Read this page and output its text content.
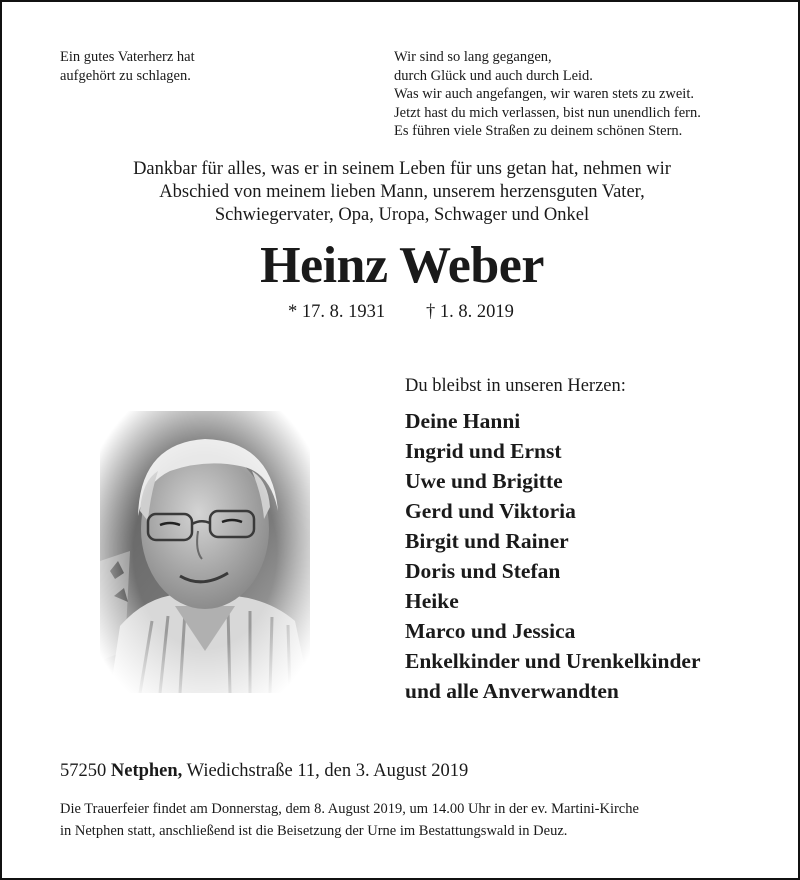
Ein gutes Vaterherz hat
aufgehört zu schlagen.
Wir sind so lang gegangen,
durch Glück und auch durch Leid.
Was wir auch angefangen, wir waren stets zu zweit.
Jetzt hast du mich verlassen, bist nun unendlich fern.
Es führen viele Straßen zu deinem schönen Stern.
Dankbar für alles, was er in seinem Leben für uns getan hat, nehmen wir
Abschied von meinem lieben Mann, unserem herzensguten Vater,
Schwiegervater, Opa, Uropa, Schwager und Onkel
Heinz Weber
* 17. 8. 1931 † 1. 8. 2019
Du bleibst in unseren Herzen:
Deine Hanni
Ingrid und Ernst
Uwe und Brigitte
Gerd und Viktoria
Birgit und Rainer
Doris und Stefan
Heike
Marco und Jessica
Enkelkinder und Urenkelkinder
und alle Anverwandten
57250 Netphen, Wiedichstraße 11, den 3. August 2019
Die Trauerfeier findet am Donnerstag, dem 8. August 2019, um 14.00 Uhr in der ev. Martini-Kirche
in Netphen statt, anschließend ist die Beisetzung der Urne im Bestattungswald in Deuz.
